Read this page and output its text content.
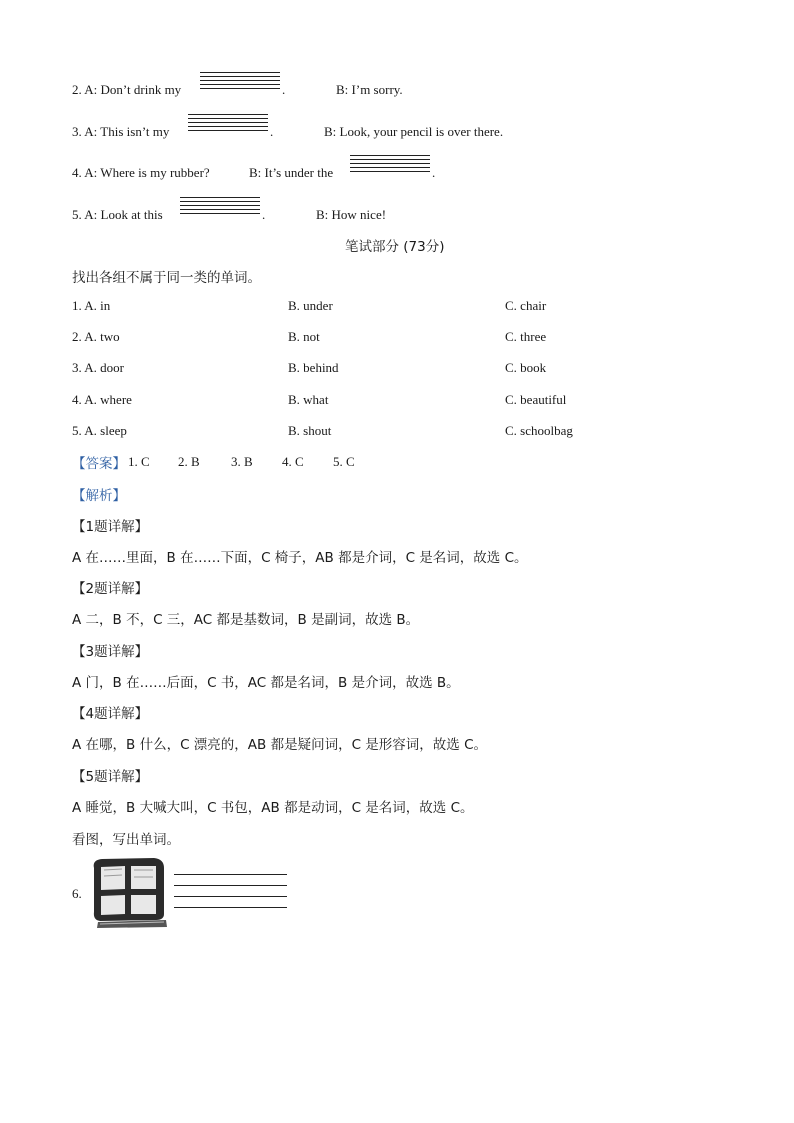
2. A: Don’t drink my	.	B: I’m sorry.
3. A: This isn’t my	.	B: Look, your pencil is over there.
4. A: Where is my rubber?	B: It’s under the	.
5. A: Look at this	.	B: How nice!
笔试部分 (73分)
找出各组不属于同一类的单词。
1. A. in	B. under	C. chair
2. A. two	B. not	C. three
3. A. door	B. behind	C. book
4. A. where	B. what	C. beautiful
5. A. sleep	B. shout	C. schoolbag
【答案】 1. C 2. B 3. B 4. C 5. C
【解析】
【1题详解】
A 在……里面，B 在……下面，C 椅子，AB 都是介词，C 是名词，故选 C。
【2题详解】
A 二，B 不，C 三，AC 都是基数词，B 是副词，故选 B。
【3题详解】
A 门，B 在……后面，C 书，AC 都是名词，B 是介词，故选 B。
【4题详解】
A 在哪，B 什么，C 漂亮的，AB 都是疑问词，C 是形容词，故选 C。
【5题详解】
A 睡觉，B 大喊大叫，C 书包，AB 都是动词，C 是名词，故选 C。
看图，写出单词。
6.
